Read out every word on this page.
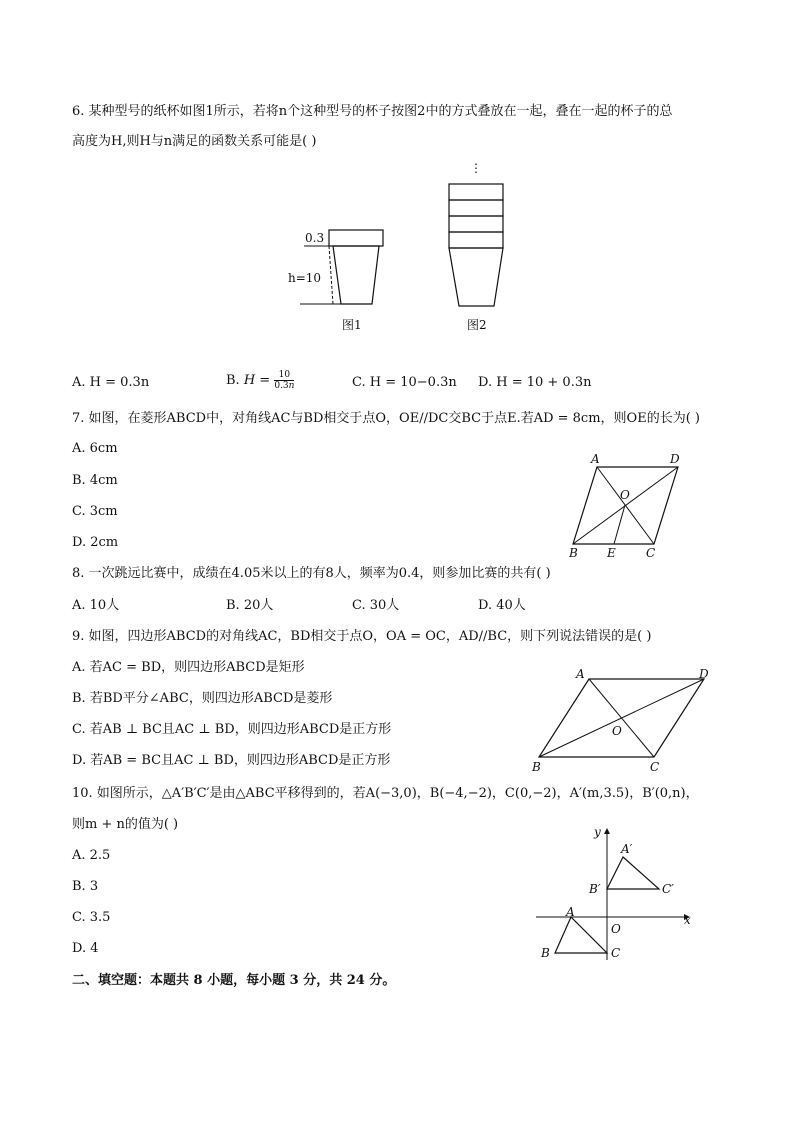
6. 某种型号的纸杯如图1所示，若将n个这种型号的杯子按图2中的方式叠放在一起，叠在一起的杯子的总
高度为H,则H与n满足的函数关系可能是( )
0.3
h=10
图1
⋮
图2
A. H = 0.3n	B. $H = \frac{10}{0.3n}$	C. H = 10−0.3n D. H = 10 + 0.3n
7. 如图，在菱形ABCD中，对角线AC与BD相交于点O，OE//DC交BC于点E.若AD = 8cm，则OE的长为( )
A. 6cm
B. 4cm
C. 3cm
D. 2cm
A	D
O
B E	C
8. 一次跳远比赛中，成绩在4.05米以上的有8人，频率为0.4，则参加比赛的共有( )
A. 10人	B. 20人	C. 30人	D. 40人
9. 如图，四边形ABCD的对角线AC，BD相交于点O，OA = OC，AD//BC，则下列说法错误的是( )
A. 若AC = BD，则四边形ABCD是矩形
B. 若BD平分∠ABC，则四边形ABCD是菱形
C. 若AB ⊥ BC且AC ⊥ BD，则四边形ABCD是正方形
D. 若AB = BC且AC ⊥ BD，则四边形ABCD是正方形
A	D
O
B	C
10. 如图所示，△A′B′C′是由△ABC平移得到的，若A(−3,0)，B(−4,−2)，C(0,−2)，A′(m,3.5)，B′(0,n)，
则m + n的值为( )
A. 2.5
B. 3
C. 3.5
D. 4
y
x
O
A
B	C
A′
B′	C′
二、填空题：本题共 8 小题，每小题 3 分，共 24 分。
